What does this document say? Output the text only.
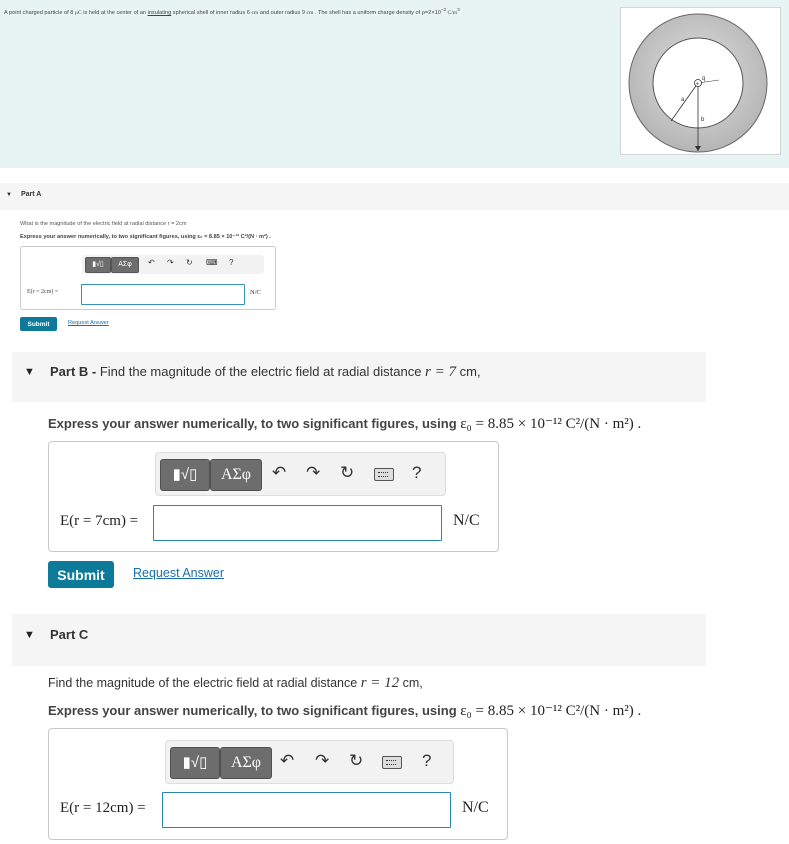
A point charged particle of 8 μC is held at the center of an insulating spherical shell of inner radius 6 cm and outer radius 9 cm . The shell has a uniform charge density of $\rho=2\times 10^{-2}$ $C/m^3$
+
a
b
q
▼ Part A
What is the magnitude of the electric field at radial distance r = 2cm
Express your answer numerically, to two significant figures, using ε₀ = 8.85 × 10⁻¹² C²/(N · m²) .
▮√▯	ΑΣφ	↶ ↷ ↻ ⌨ ?
E(r = 2cm) =	N/C
Submit	Request Answer
▼ Part B - Find the magnitude of the electric field at radial distance r = 7 cm,
Express your answer numerically, to two significant figures, using ε₀ = 8.85 × 10⁻¹² C²/(N · m²) .
▮√▯	ΑΣφ	↶ ↷ ↻	?
E(r = 7cm) =	N/C
Submit	Request Answer
▼ Part C
Find the magnitude of the electric field at radial distance r = 12 cm,
Express your answer numerically, to two significant figures, using ε₀ = 8.85 × 10⁻¹² C²/(N · m²) .
▮√▯	ΑΣφ	↶ ↷ ↻	?
E(r = 12cm) =	N/C
